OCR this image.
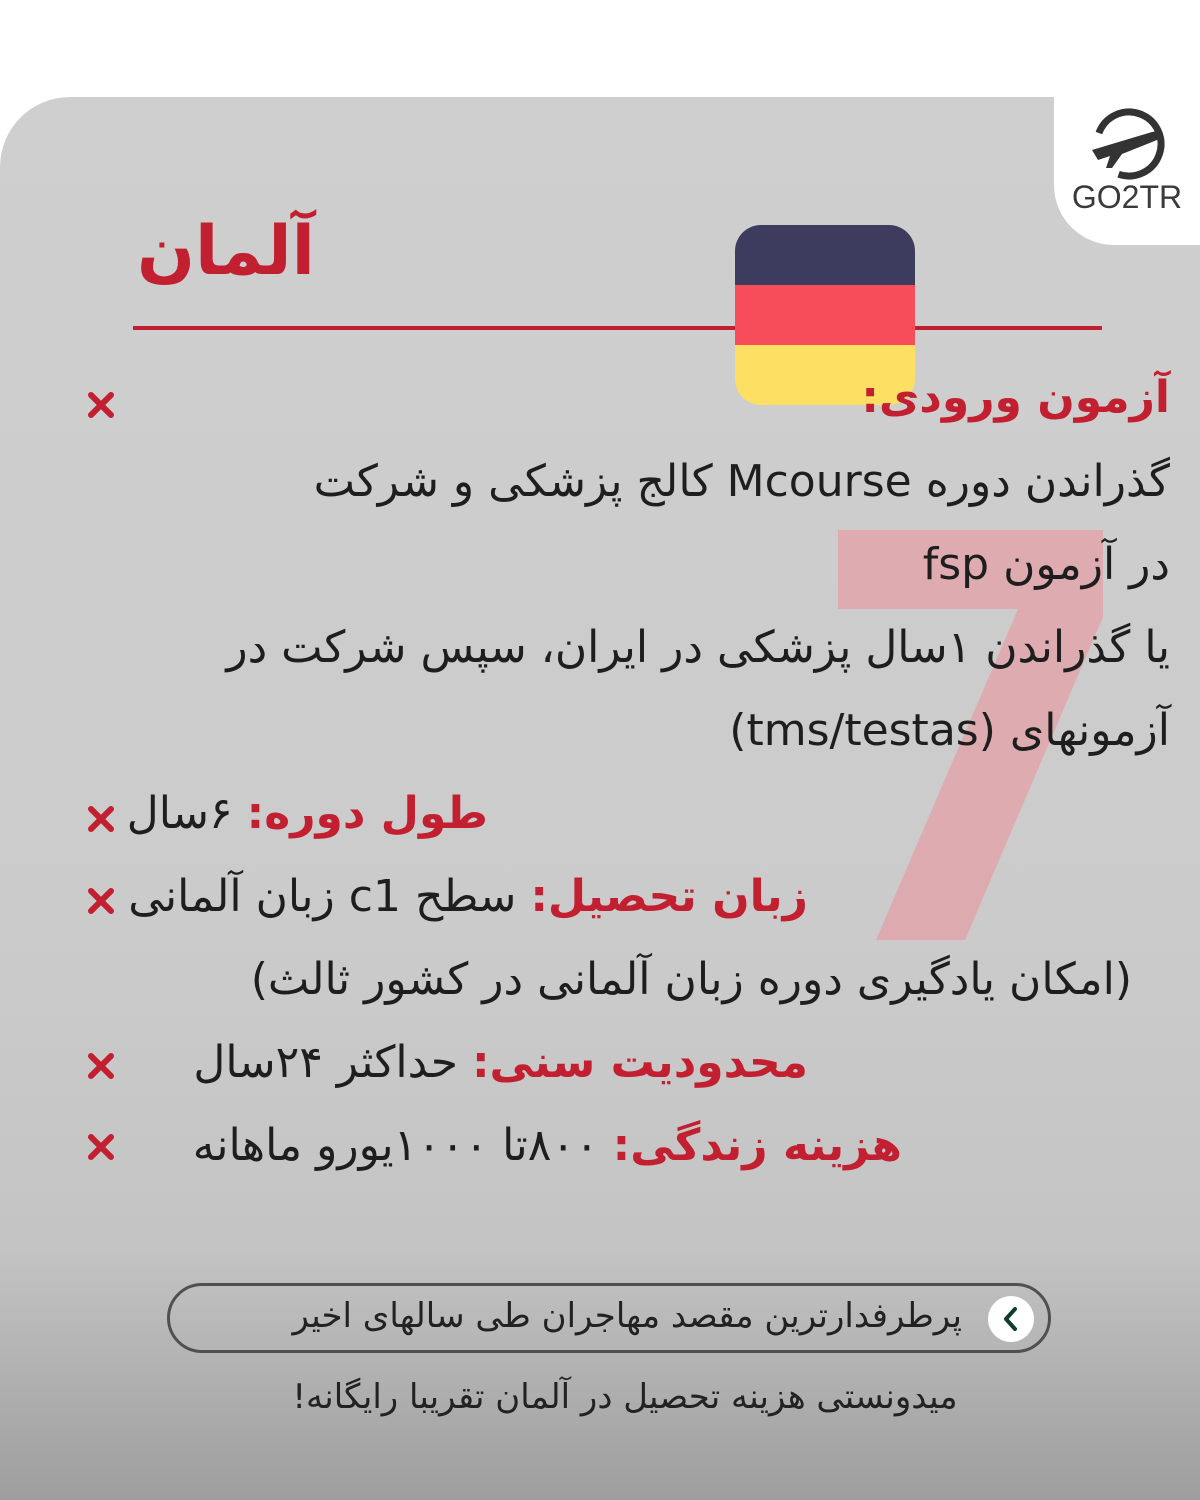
GO2TR
آلمان
آزمون ورودی:
گذراندن دوره Mcourse کالج پزشکی و شرکت
در آزمون fsp
یا گذراندن ۱سال پزشکی در ایران، سپس شرکت در
آزمونهای (tms/testas)
طول دوره: ۶سال
زبان تحصیل: سطح c1 زبان آلمانی
(امکان یادگیری دوره زبان آلمانی در کشور ثالث)
محدودیت سنی: حداکثر ۲۴سال
هزینه زندگی: ۸۰۰تا ۱۰۰۰یورو ماهانه
پرطرفدارترین مقصد مهاجران طی سالهای اخیر
میدونستی هزینه تحصیل در آلمان تقریبا رایگانه!
